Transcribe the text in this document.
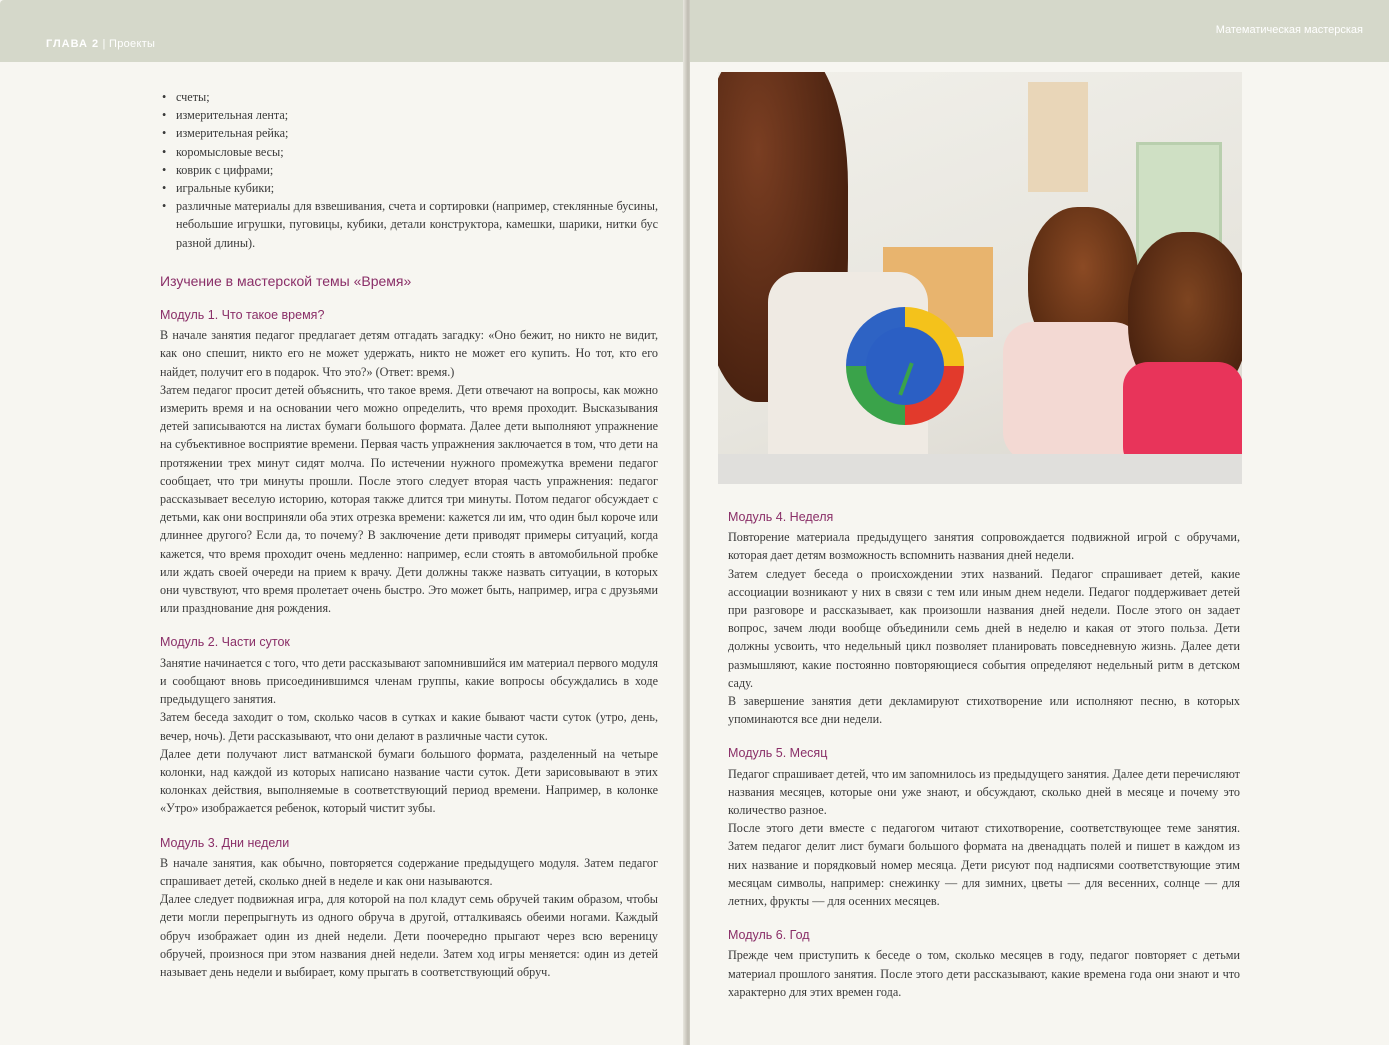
ГЛАВА 2 | Проекты
• счеты;
• измерительная лента;
• измерительная рейка;
• коромысловые весы;
• коврик с цифрами;
• игральные кубики;
• различные материалы для взвешивания, счета и сортировки (например, стеклянные бусины, небольшие игрушки, пуговицы, кубики, детали конструктора, камешки, шарики, нитки бус разной длины).
Изучение в мастерской темы «Время»
Модуль 1. Что такое время?

В начале занятия педагог предлагает детям отгадать загадку: «Оно бежит, но никто не видит, как оно спешит, никто его не может удержать, никто не может его купить. Но тот, кто его найдет, получит его в подарок. Что это?» (Ответ: время.)

Затем педагог просит детей объяснить, что такое время. Дети отвечают на вопросы, как можно измерить время и на основании чего можно определить, что время проходит. Высказывания детей записываются на листах бумаги большого формата. Далее дети выполняют упражнение на субъективное восприятие времени. Первая часть упражнения заключается в том, что дети на протяжении трех минут сидят молча. По истечении нужного промежутка времени педагог сообщает, что три минуты прошли. После этого следует вторая часть упражнения: педагог рассказывает веселую историю, которая также длится три минуты. Потом педагог обсуждает с детьми, как они восприняли оба этих отрезка времени: кажется ли им, что один был короче или длиннее другого? Если да, то почему? В заключение дети приводят примеры ситуаций, когда кажется, что время проходит очень медленно: например, если стоять в автомобильной пробке или ждать своей очереди на прием к врачу. Дети должны также назвать ситуации, в которых они чувствуют, что время пролетает очень быстро. Это может быть, например, игра с друзьями или празднование дня рождения.

Модуль 2. Части суток

Занятие начинается с того, что дети рассказывают запомнившийся им материал первого модуля и сообщают вновь присоединившимся членам группы, какие вопросы обсуждались в ходе предыдущего занятия.

Затем беседа заходит о том, сколько часов в сутках и какие бывают части суток (утро, день, вечер, ночь). Дети рассказывают, что они делают в различные части суток.

Далее дети получают лист ватманской бумаги большого формата, разделенный на четыре колонки, над каждой из которых написано название части суток. Дети зарисовывают в этих колонках действия, выполняемые в соответствующий период времени. Например, в колонке «Утро» изображается ребенок, который чистит зубы.

Модуль 3. Дни недели

В начале занятия, как обычно, повторяется содержание предыдущего модуля. Затем педагог спрашивает детей, сколько дней в неделе и как они называются.

Далее следует подвижная игра, для которой на пол кладут семь обручей таким образом, чтобы дети могли перепрыгнуть из одного обруча в другой, отталкиваясь обеими ногами. Каждый обруч изображает один из дней недели. Дети поочередно прыгают через всю вереницу обручей, произнося при этом названия дней недели. Затем ход игры меняется: один из детей называет день недели и выбирает, кому прыгать в соответствующий обруч.

Математическая мастерская
Модуль 4. Неделя

Повторение материала предыдущего занятия сопровождается подвижной игрой с обручами, которая дает детям возможность вспомнить названия дней недели.

Затем следует беседа о происхождении этих названий. Педагог спрашивает детей, какие ассоциации возникают у них в связи с тем или иным днем недели. Педагог поддерживает детей при разговоре и рассказывает, как произошли названия дней недели. После этого он задает вопрос, зачем люди вообще объединили семь дней в неделю и какая от этого польза. Дети должны усвоить, что недельный цикл позволяет планировать повседневную жизнь. Далее дети размышляют, какие постоянно повторяющиеся события определяют недельный ритм в детском саду.

В завершение занятия дети декламируют стихотворение или исполняют песню, в которых упоминаются все дни недели.

Модуль 5. Месяц

Педагог спрашивает детей, что им запомнилось из предыдущего занятия. Далее дети перечисляют названия месяцев, которые они уже знают, и обсуждают, сколько дней в месяце и почему это количество разное.

После этого дети вместе с педагогом читают стихотворение, соответствующее теме занятия. Затем педагог делит лист бумаги большого формата на двенадцать полей и пишет в каждом из них название и порядковый номер месяца. Дети рисуют под надписями соответствующие этим месяцам символы, например: снежинку — для зимних, цветы — для весенних, солнце — для летних, фрукты — для осенних месяцев.

Модуль 6. Год

Прежде чем приступить к беседе о том, сколько месяцев в году, педагог повторяет с детьми материал прошлого занятия. После этого дети рассказывают, какие времена года они знают и что характерно для этих времен года.
